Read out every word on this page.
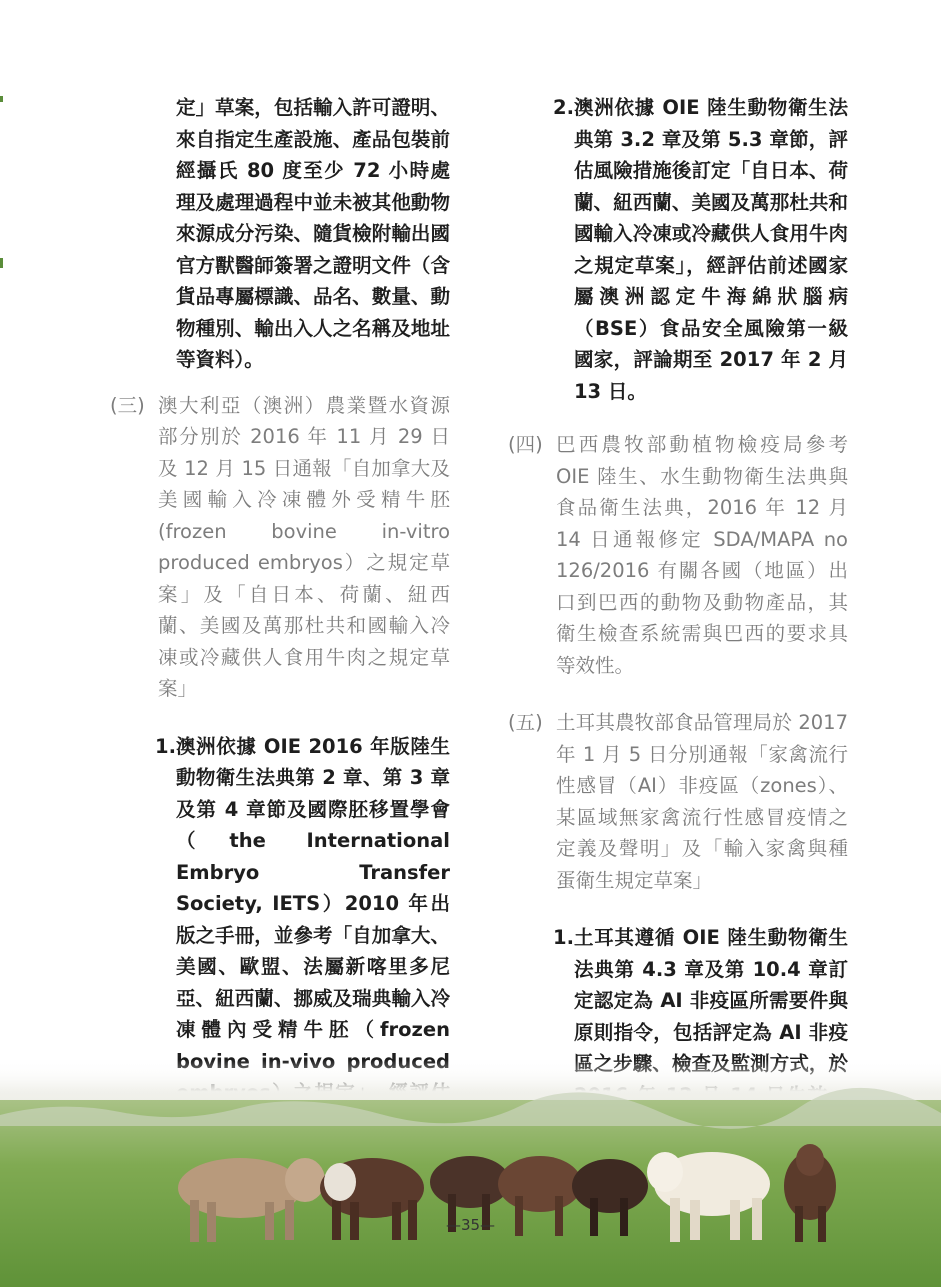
定」草案，包括輸入許可證明、來自指定生產設施、產品包裝前經攝氏 80 度至少 72 小時處理及處理過程中並未被其他動物來源成分污染、隨貨檢附輸出國官方獸醫師簽署之證明文件（含貨品專屬標識、品名、數量、動物種別、輸出入人之名稱及地址等資料）。

(三) 澳大利亞（澳洲）農業暨水資源部分別於 2016 年 11 月 29 日及 12 月 15 日通報「自加拿大及美國輸入冷凍體外受精牛胚(frozen bovine in-vitro produced embryos）之規定草案」及「自日本、荷蘭、紐西蘭、美國及萬那杜共和國輸入冷凍或冷藏供人食用牛肉之規定草案」
1. 澳洲依據 OIE 2016 年版陸生動物衛生法典第 2 章、第 3 章及第 4 章節及國際胚移置學會（the International Embryo Transfer Society, IETS）2010 年出版之手冊，並參考「自加拿大、美國、歐盟、法屬新喀里多尼亞、紐西蘭、挪威及瑞典輸入冷凍體內受精牛胚（frozen
2. 澳洲依據 OIE 陸生動物衛生法典第 3.2 章及第 5.3 章節，評估風險措施後訂定「自日本、荷蘭、紐西蘭、美國及萬那杜共和國輸入冷凍或冷藏供人食用牛肉之規定草案」，經評估前述國家屬澳洲認定牛海綿狀腦病（BSE）食品安全風險第一級國家，評論期至 2017 年 2 月 13 日。
(四) 巴西農牧部動植物檢疫局參考 OIE 陸生、水生動物衛生法典與食品衛生法典，2016 年 12 月 14 日通報修定 SDA/MAPA no 126/2016 有關各國（地區）出口到巴西的動物及動物產品，其衛生檢查系統需與巴西的要求具等效性。
(五) 土耳其農牧部食品管理局於 2017 年 1 月 5 日分別通報「家禽流行性感冒（AI）非疫區（zones）、某區域無家禽流行性感冒疫情之定義及聲明」及「輸入家禽與種蛋衛生規定草案」
1. 土耳其遵循 OIE 陸生動物衛生法典第 4.3 章及第 10.4 章訂定認定為 AI 非疫區所需要件與原則指令，包括評定為 AI 非疫
—35—
